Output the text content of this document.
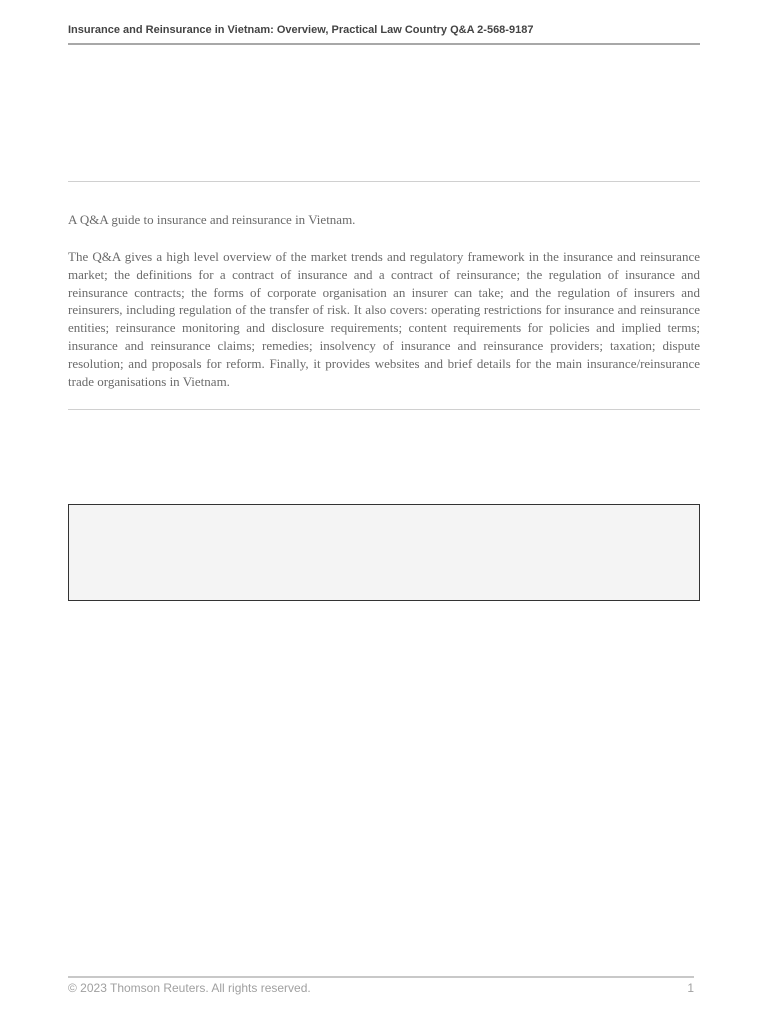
Insurance and Reinsurance in Vietnam: Overview, Practical Law Country Q&A 2-568-9187

A Q&A guide to insurance and reinsurance in Vietnam.

The Q&A gives a high level overview of the market trends and regulatory framework in the insurance and reinsurance market; the definitions for a contract of insurance and a contract of reinsurance; the regulation of insurance and reinsurance contracts; the forms of corporate organisation an insurer can take; and the regulation of insurers and reinsurers, including regulation of the transfer of risk. It also covers: operating restrictions for insurance and reinsurance entities; reinsurance monitoring and disclosure requirements; content requirements for policies and implied terms; insurance and reinsurance claims; remedies; insolvency of insurance and reinsurance providers; taxation; dispute resolution; and proposals for reform. Finally, it provides websites and brief details for the main insurance/reinsurance trade organisations in Vietnam.

© 2023 Thomson Reuters. All rights reserved.	1
